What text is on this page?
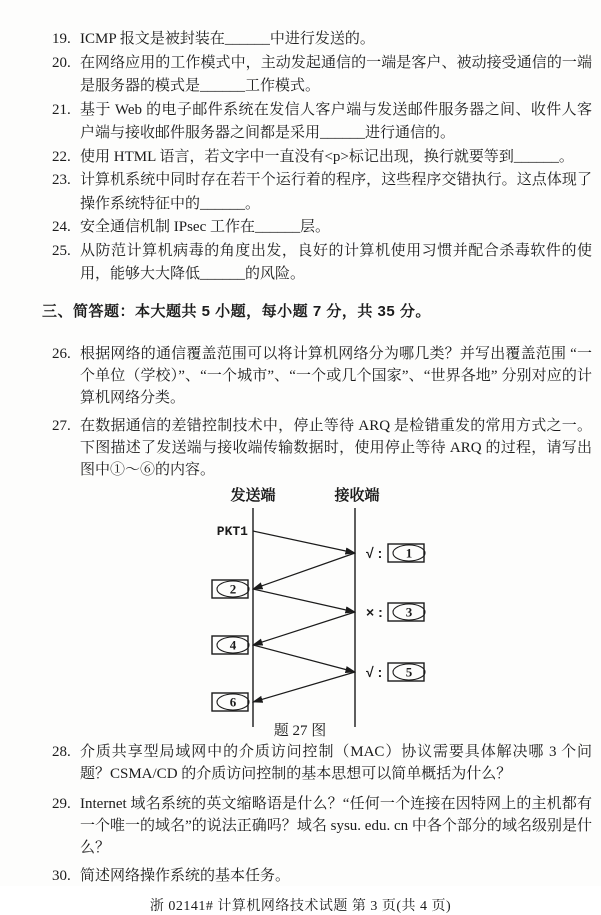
19. ICMP 报文是被封装在______中进行发送的。
20. 在网络应用的工作模式中，主动发起通信的一端是客户、被动接受通信的一端是服务器的模式是______工作模式。
21. 基于 Web 的电子邮件系统在发信人客户端与发送邮件服务器之间、收件人客户端与接收邮件服务器之间都是采用______进行通信的。
22. 使用 HTML 语言，若文字中一直没有<p>标记出现，换行就要等到______。
23. 计算机系统中同时存在若干个运行着的程序，这些程序交错执行。这点体现了操作系统特征中的______。
24. 安全通信机制 IPsec 工作在______层。
25. 从防范计算机病毒的角度出发，良好的计算机使用习惯并配合杀毒软件的使用，能够大大降低______的风险。
三、简答题：本大题共 5 小题，每小题 7 分，共 35 分。
26. 根据网络的通信覆盖范围可以将计算机网络分为哪几类？并写出覆盖范围 “一个单位（学校）”、“一个城市”、“一个或几个国家”、“世界各地” 分别对应的计算机网络分类。
27. 在数据通信的差错控制技术中，停止等待 ARQ 是检错重发的常用方式之一。下图描述了发送端与接收端传输数据时，使用停止等待 ARQ 的过程，请写出图中①～⑥的内容。
发送端	接收端
PKT1
√ : 1
× : 3
√ : 5
2
4
6
题 27 图
28. 介质共享型局域网中的介质访问控制（MAC）协议需要具体解决哪 3 个问题？CSMA/CD 的介质访问控制的基本思想可以简单概括为什么？
29. Internet 域名系统的英文缩略语是什么？“任何一个连接在因特网上的主机都有一个唯一的域名”的说法正确吗？域名 sysu. edu. cn 中各个部分的域名级别是什么？
30. 简述网络操作系统的基本任务。
浙 02141# 计算机网络技术试题 第 3 页(共 4 页)
